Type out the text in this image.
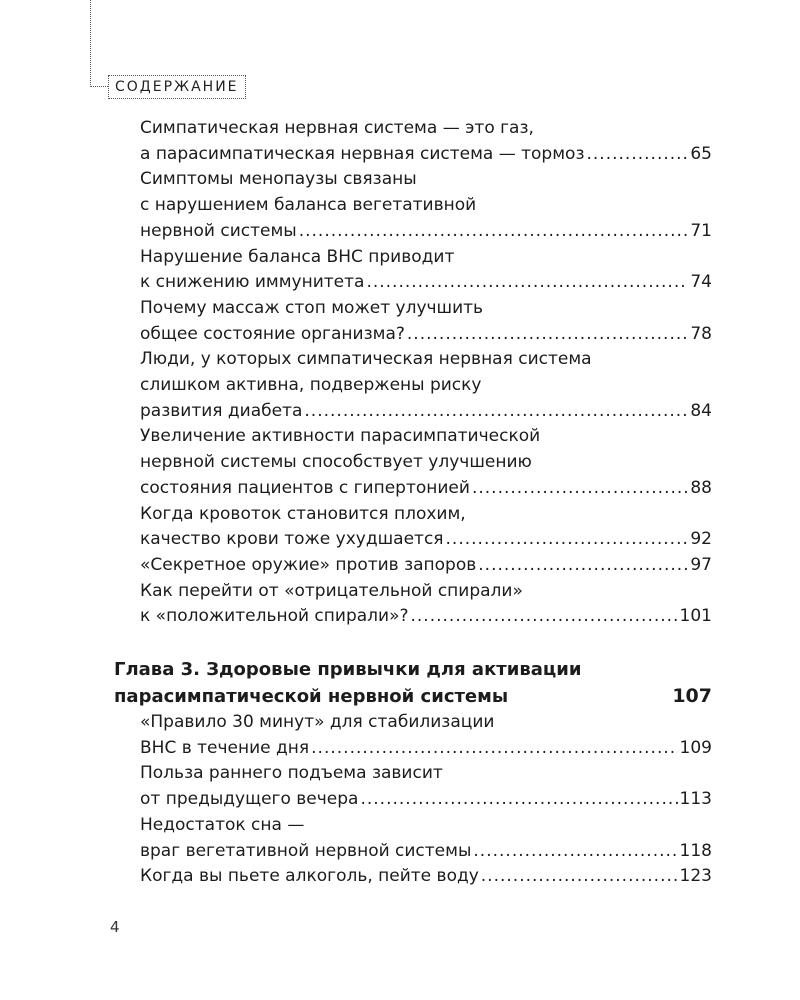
СОДЕРЖАНИЕ
Симпатическая нервная система — это газ,
а парасимпатическая нервная система — тормоз .....	65
Симптомы менопаузы связаны
с нарушением баланса вегетативной
нервной системы .....	71
Нарушение баланса ВНС приводит
к снижению иммунитета .....	74
Почему массаж стоп может улучшить
общее состояние организма? .....	78
Люди, у которых симпатическая нервная система
слишком активна, подвержены риску
развития диабета .....	84
Увеличение активности парасимпатической
нервной системы способствует улучшению
состояния пациентов с гипертонией .....	88
Когда кровоток становится плохим,
качество крови тоже ухудшается .....	92
«Секретное оружие» против запоров .....	97
Как перейти от «отрицательной спирали»
к «положительной спирали»? .....	101
Глава 3. Здоровые привычки для активации
парасимпатической нервной системы	107
«Правило 30 минут» для стабилизации
ВНС в течение дня .....	109
Польза раннего подъема зависит
от предыдущего вечера .....	113
Недостаток сна —
враг вегетативной нервной системы .....	118
Когда вы пьете алкоголь, пейте воду .....	123
4
